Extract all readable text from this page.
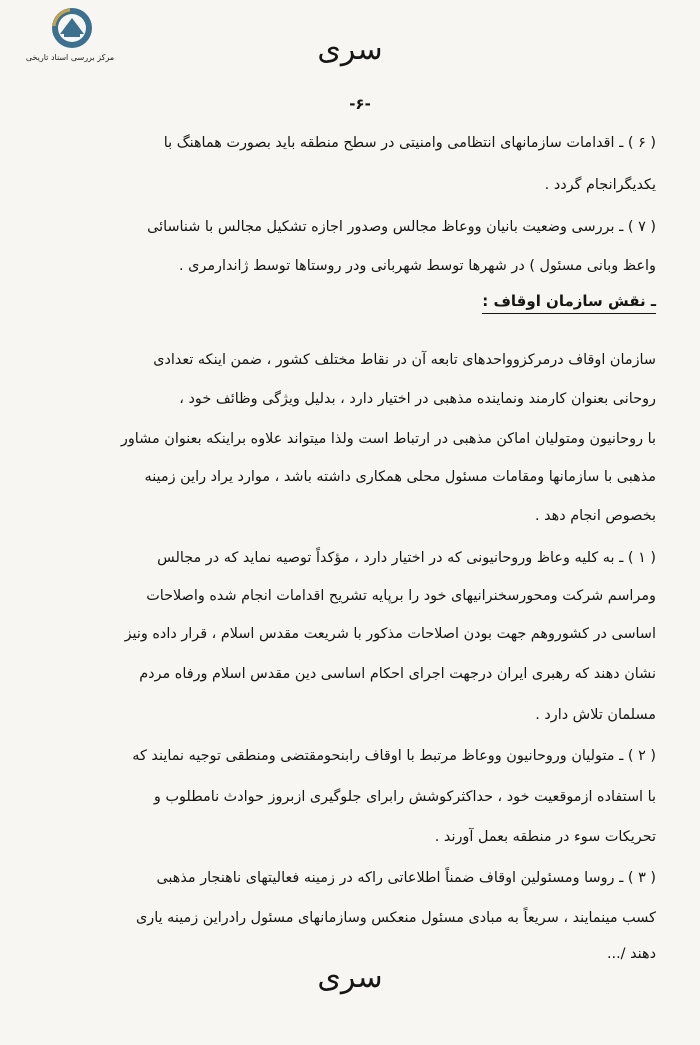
مرکز بررسی اسناد تاریخی	سری
-۶-
( ۶ ) ـ اقدامات سازمانهای انتظامی وامنیتی در سطح منطقه باید بصورت هماهنگ با
یکدیگرانجام گردد .
( ۷ ) ـ بررسی وضعیت بانیان ووعاظ مجالس وصدور اجازه تشکیل مجالس با شناسائی
واعظ وبانی مسئول ) در شهرها توسط شهربانی ودر روستاها توسط ژاندارمری .
ـ نقش سازمان اوقاف :
سازمان اوقاف درمرکزوواحدهای تابعه آن در نقاط مختلف کشور ، ضمن اینکه تعدادی
روحانی بعنوان کارمند ونماینده مذهبی در اختیار دارد ، بدلیل ویژگی وظائف خود ،
با روحانیون ومتولیان اماکن مذهبی در ارتباط است ولذا میتواند علاوه براینکه بعنوان مشاور
مذهبی با سازمانها ومقامات مسئول محلی همکاری داشته باشد ، موارد یراد راین زمینه
بخصوص انجام دهد .
( ۱ ) ـ به کلیه وعاظ وروحانیونی که در اختیار دارد ، مؤکداً توصیه نماید که در مجالس
ومراسم شرکت ومحورسخنرانیهای خود را برپایه تشریح اقدامات انجام شده واصلاحات
اساسی در کشوروهم جهت بودن اصلاحات مذکور با شریعت مقدس اسلام ، قرار داده ونیز
نشان دهند که رهبری ایران درجهت اجرای احکام اساسی دین مقدس اسلام ورفاه مردم
مسلمان تلاش دارد .
( ۲ ) ـ متولیان وروحانیون ووعاظ مرتبط با اوقاف رابنحومقتضی ومنطقی توجیه نمایند که
با استفاده ازموقعیت خود ، حداکثرکوشش رابرای جلوگیری ازبروز حوادث نامطلوب و
تحریکات سوء در منطقه بعمل آورند .
( ۳ ) ـ روسا ومسئولین اوقاف ضمناً اطلاعاتی راکه در زمینه فعالیتهای ناهنجار مذهبی
کسب مینمایند ، سریعاً به مبادی مسئول منعکس وسازمانهای مسئول رادراین زمینه یاری
دهند /...
سری
